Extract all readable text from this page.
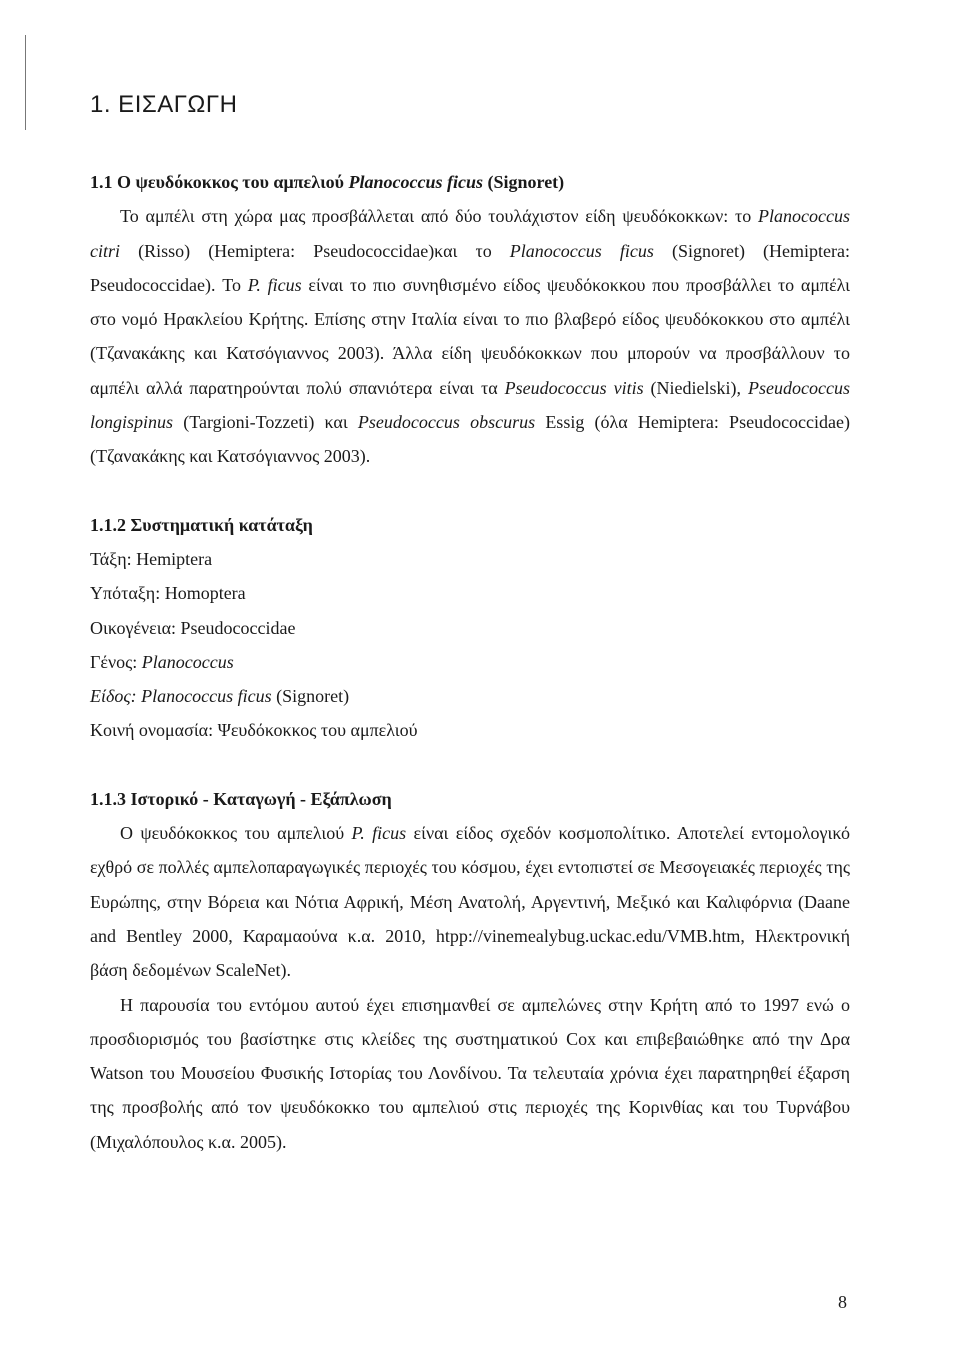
1. ΕΙΣΑΓΩΓΗ
1.1 Ο ψευδόκοκκος του αμπελιού Planococcus ficus (Signoret)

Το αμπέλι στη χώρα μας προσβάλλεται από δύο τουλάχιστον είδη ψευδόκοκκων: το Planococcus citri (Risso) (Hemiptera: Pseudococcidae)και το Planococcus ficus (Signoret) (Hemiptera: Pseudococcidae). Το P. ficus είναι το πιο συνηθισμένο είδος ψευδόκοκκου που προσβάλλει το αμπέλι στο νομό Ηρακλείου Κρήτης. Επίσης στην Ιταλία είναι το πιο βλαβερό είδος ψευδόκοκκου στο αμπέλι (Τζανακάκης και Κατσόγιαννος 2003). Άλλα είδη ψευδόκοκκων που μπορούν να προσβάλλουν το αμπέλι αλλά παρατηρούνται πολύ σπανιότερα είναι τα Pseudococcus vitis (Niedielski), Pseudococcus longispinus (Targioni-Tozzeti) και Pseudococcus obscurus Essig (όλα Hemiptera: Pseudococcidae) (Τζανακάκης και Κατσόγιαννος 2003).

1.1.2 Συστηματική κατάταξη
Τάξη: Hemiptera
Υπόταξη: Homoptera
Οικογένεια: Pseudococcidae
Γένος: Planococcus
Είδος: Planococcus ficus (Signoret)
Κοινή ονομασία: Ψευδόκοκκος του αμπελιού
1.1.3 Ιστορικό - Καταγωγή - Εξάπλωση

Ο ψευδόκοκκος του αμπελιού P. ficus είναι είδος σχεδόν κοσμοπολίτικο. Αποτελεί εντομολογικό εχθρό σε πολλές αμπελοπαραγωγικές περιοχές του κόσμου, έχει εντοπιστεί σε Μεσογειακές περιοχές της Ευρώπης, στην Βόρεια και Νότια Αφρική, Μέση Ανατολή, Αργεντινή, Μεξικό και Καλιφόρνια (Daane and Bentley 2000, Καραμαούνα κ.α. 2010, htpp://vinemealybug.uckac.edu/VMB.htm, Ηλεκτρονική βάση δεδομένων ScaleNet).

Η παρουσία του εντόμου αυτού έχει επισημανθεί σε αμπελώνες στην Κρήτη από το 1997 ενώ ο προσδιορισμός του βασίστηκε στις κλείδες της συστηματικού Cox και επιβεβαιώθηκε από την Δρα Watson του Μουσείου Φυσικής Ιστορίας του Λονδίνου. Τα τελευταία χρόνια έχει παρατηρηθεί έξαρση της προσβολής από τον ψευδόκοκκο του αμπελιού στις περιοχές της Κορινθίας και του Τυρνάβου (Μιχαλόπουλος κ.α. 2005).

8
